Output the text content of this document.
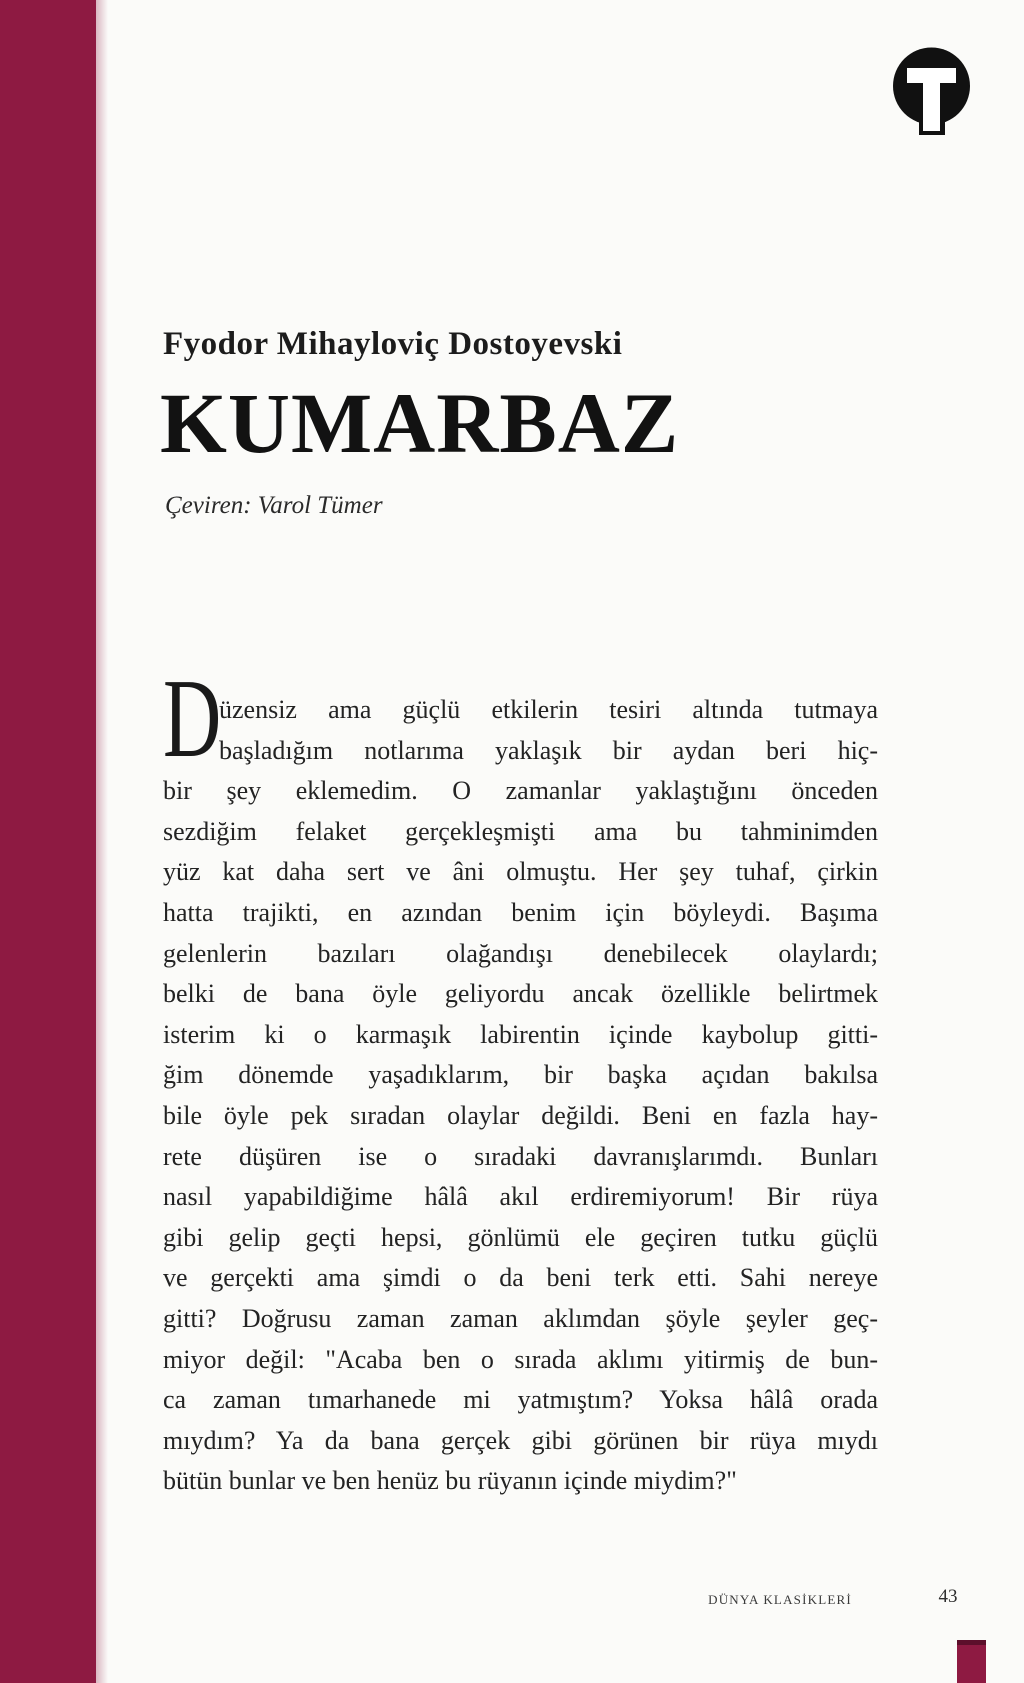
Fyodor Mihayloviç Dostoyevski
KUMARBAZ
Çeviren: Varol Tümer
D
üzensiz ama güçlü etkilerin tesiri altında tutmaya
başladığım notlarıma yaklaşık bir aydan beri hiç-
bir şey eklemedim. O zamanlar yaklaştığını önceden
sezdiğim felaket gerçekleşmişti ama bu tahminimden
yüz kat daha sert ve âni olmuştu. Her şey tuhaf, çirkin
hatta trajikti, en azından benim için böyleydi. Başıma
gelenlerin bazıları olağandışı denebilecek olaylardı;
belki de bana öyle geliyordu ancak özellikle belirtmek
isterim ki o karmaşık labirentin içinde kaybolup gitti-
ğim dönemde yaşadıklarım, bir başka açıdan bakılsa
bile öyle pek sıradan olaylar değildi. Beni en fazla hay-
rete düşüren ise o sıradaki davranışlarımdı. Bunları
nasıl yapabildiğime hâlâ akıl erdiremiyorum! Bir rüya
gibi gelip geçti hepsi, gönlümü ele geçiren tutku güçlü
ve gerçekti ama şimdi o da beni terk etti. Sahi nereye
gitti? Doğrusu zaman zaman aklımdan şöyle şeyler geç-
miyor değil: "Acaba ben o sırada aklımı yitirmiş de bun-
ca zaman tımarhanede mi yatmıştım? Yoksa hâlâ orada
mıydım? Ya da bana gerçek gibi görünen bir rüya mıydı
bütün bunlar ve ben henüz bu rüyanın içinde miydim?"
DÜNYA KLASİKLERİ	43
